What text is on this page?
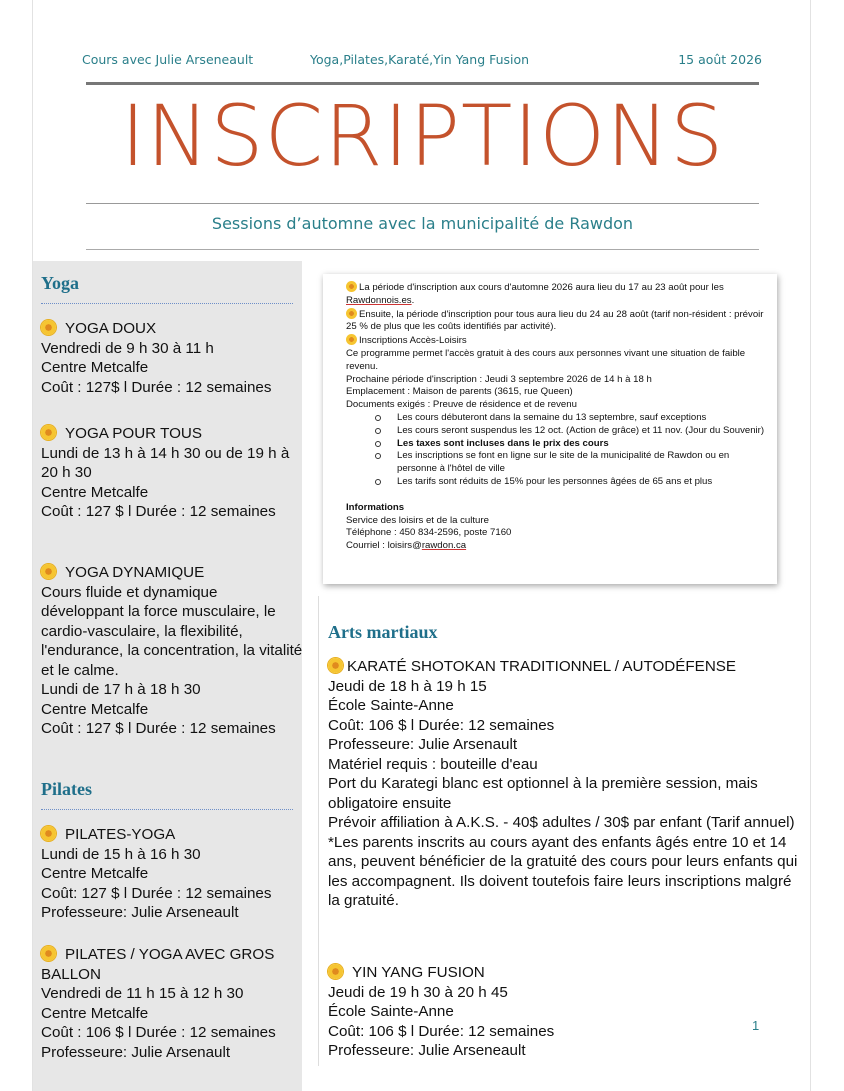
Cours avec Julie Arseneault	Yoga,Pilates,Karaté,Yin Yang Fusion	15 août 2026
INSCRIPTIONS
Sessions d’automne avec la municipalité de Rawdon
Yoga
YOGA DOUX
Vendredi de 9 h 30 à 11 h
Centre Metcalfe
Coût : 127$ l Durée : 12 semaines
YOGA POUR TOUS
Lundi de 13 h à 14 h 30 ou de 19 h à 20 h 30
Centre Metcalfe
Coût : 127 $ l Durée : 12 semaines
YOGA DYNAMIQUE
Cours fluide et dynamique développant la force musculaire, le cardio-vasculaire, la flexibilité, l'endurance, la concentration, la vitalité et le calme.
Lundi de 17 h à 18 h 30
Centre Metcalfe
Coût : 127 $ l Durée : 12 semaines
Pilates
PILATES-YOGA
Lundi de 15 h à 16 h 30
Centre Metcalfe
Coût: 127 $ l Durée : 12 semaines
Professeure: Julie Arseneault
PILATES / YOGA AVEC GROS BALLON
Vendredi de 11 h 15 à 12 h 30
Centre Metcalfe
Coût : 106 $ l Durée : 12 semaines
Professeure: Julie Arsenault
La période d'inscription aux cours d'automne 2026 aura lieu du 17 au 23 août pour les Rawdonnois.es.
Ensuite, la période d'inscription pour tous aura lieu du 24 au 28 août (tarif non-résident : prévoir 25 % de plus que les coûts identifiés par activité).
Inscriptions Accès-Loisirs
Ce programme permet l'accès gratuit à des cours aux personnes vivant une situation de faible revenu.
Prochaine période d'inscription : Jeudi 3 septembre 2026 de 14 h à 18 h
Emplacement : Maison de parents (3615, rue Queen)
Documents exigés : Preuve de résidence et de revenu
Les cours débuteront dans la semaine du 13 septembre, sauf exceptions
Les cours seront suspendus les 12 oct. (Action de grâce) et 11 nov. (Jour du Souvenir)
Les taxes sont incluses dans le prix des cours
Les inscriptions se font en ligne sur le site de la municipalité de Rawdon ou en personne à l'hôtel de ville
Les tarifs sont réduits de 15% pour les personnes âgées de 65 ans et plus
Informations
Service des loisirs et de la culture
Téléphone : 450 834-2596, poste 7160
Courriel : loisirs@rawdon.ca
Arts martiaux
KARATÉ SHOTOKAN TRADITIONNEL / AUTODÉFENSE
Jeudi de 18 h à 19 h 15
École Sainte-Anne
Coût: 106 $ l Durée: 12 semaines
Professeure: Julie Arsenault
Matériel requis : bouteille d'eau
Port du Karategi blanc est optionnel à la première session, mais obligatoire ensuite
Prévoir affiliation à A.K.S. - 40$ adultes / 30$ par enfant (Tarif annuel)
*Les parents inscrits au cours ayant des enfants âgés entre 10 et 14 ans, peuvent bénéficier de la gratuité des cours pour leurs enfants qui les accompagnent. Ils doivent toutefois faire leurs inscriptions malgré la gratuité.
YIN YANG FUSION
Jeudi de 19 h 30 à 20 h 45
École Sainte-Anne
Coût: 106 $ l Durée: 12 semaines
Professeure: Julie Arseneault
1
